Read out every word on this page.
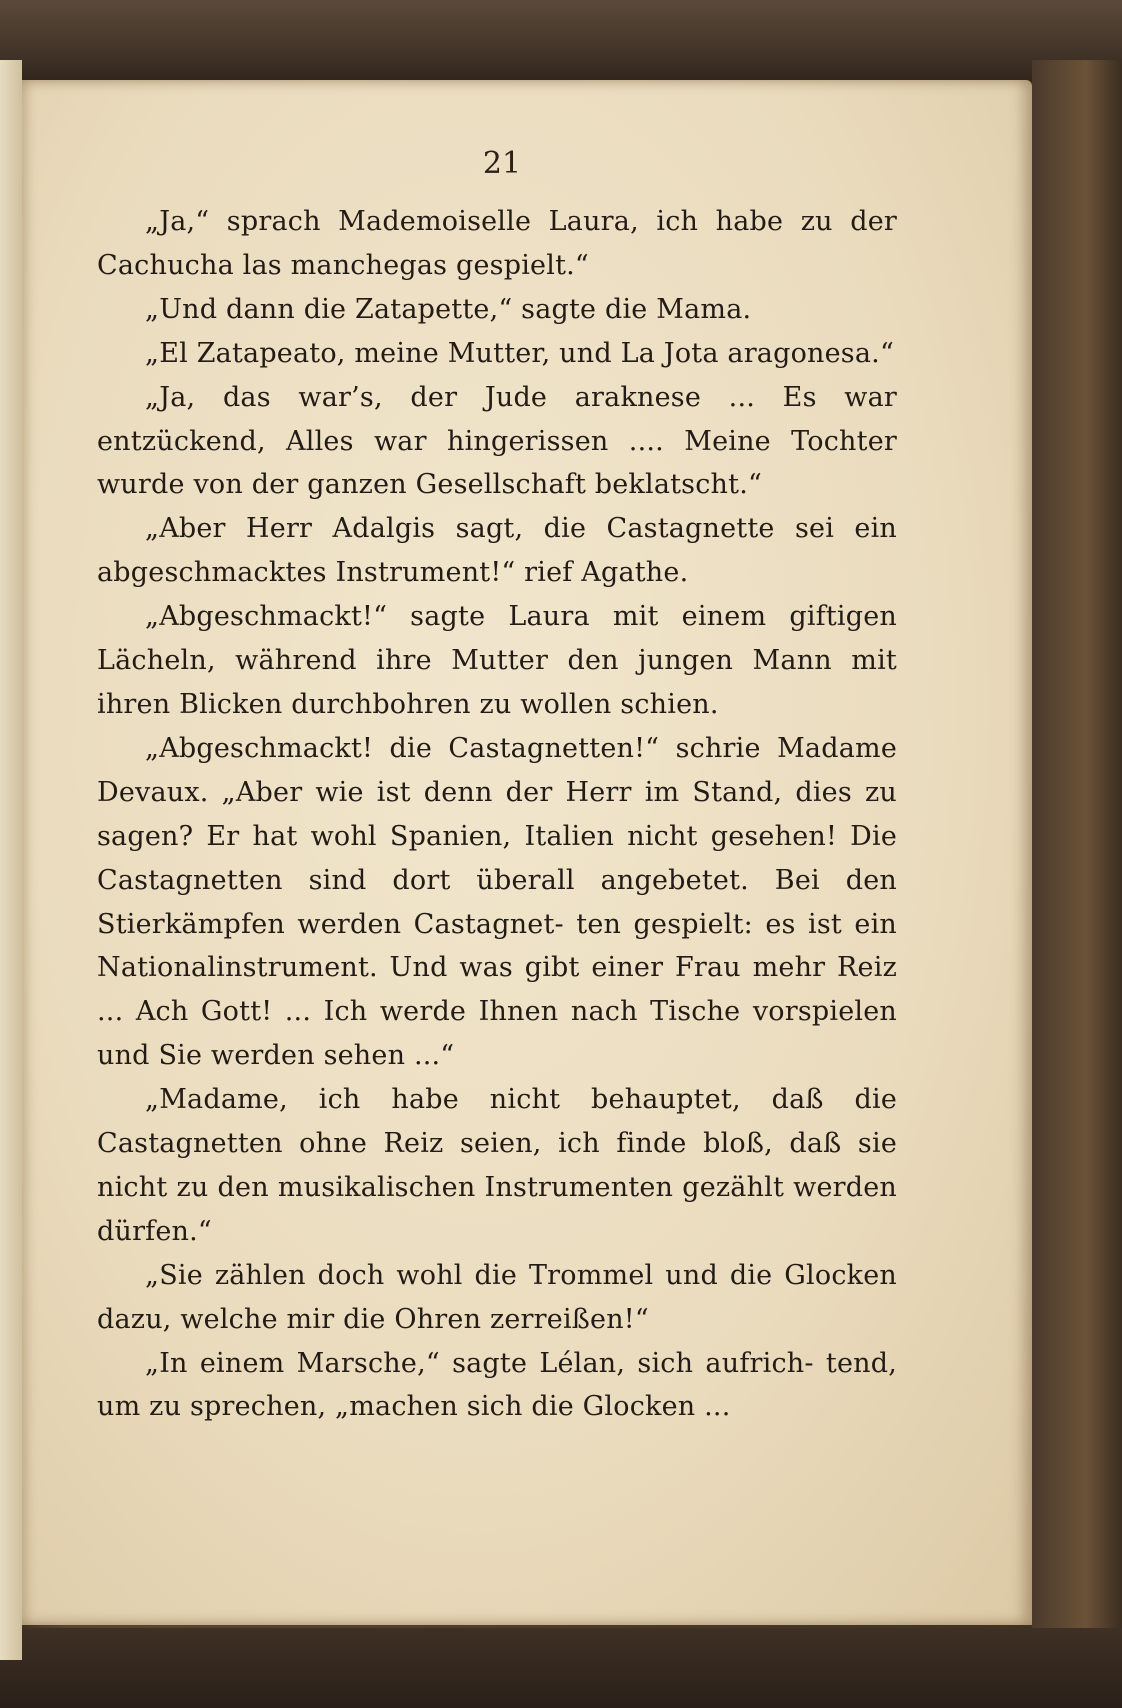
21

„Ja,“ sprach Mademoiselle Laura, ich habe zu der Cachucha las manchegas gespielt.“

„Und dann die Zatapette,“ sagte die Mama.

„El Zatapeato, meine Mutter, und La Jota aragonesa.“

„Ja, das war’s, der Jude araknese ... Es war entzückend, Alles war hingerissen .... Meine Tochter wurde von der ganzen Gesellschaft beklatscht.“

„Aber Herr Adalgis sagt, die Castagnette sei ein abgeschmacktes Instrument!“ rief Agathe.

„Abgeschmackt!“ sagte Laura mit einem giftigen Lächeln, während ihre Mutter den jungen Mann mit ihren Blicken durchbohren zu wollen schien.

„Abgeschmackt! die Castagnetten!“ schrie Madame Devaux. „Aber wie ist denn der Herr im Stand, dies zu sagen? Er hat wohl Spanien, Italien nicht gesehen! Die Castagnetten sind dort überall angebetet. Bei den Stierkämpfen werden Castagnet- ten gespielt: es ist ein Nationalinstrument. Und was gibt einer Frau mehr Reiz ... Ach Gott! ... Ich werde Ihnen nach Tische vorspielen und Sie werden sehen ...“

„Madame, ich habe nicht behauptet, daß die Castagnetten ohne Reiz seien, ich finde bloß, daß sie nicht zu den musikalischen Instrumenten gezählt werden dürfen.“

„Sie zählen doch wohl die Trommel und die Glocken dazu, welche mir die Ohren zerreißen!“

„In einem Marsche,“ sagte Lélan, sich aufrich- tend, um zu sprechen, „machen sich die Glocken ...
